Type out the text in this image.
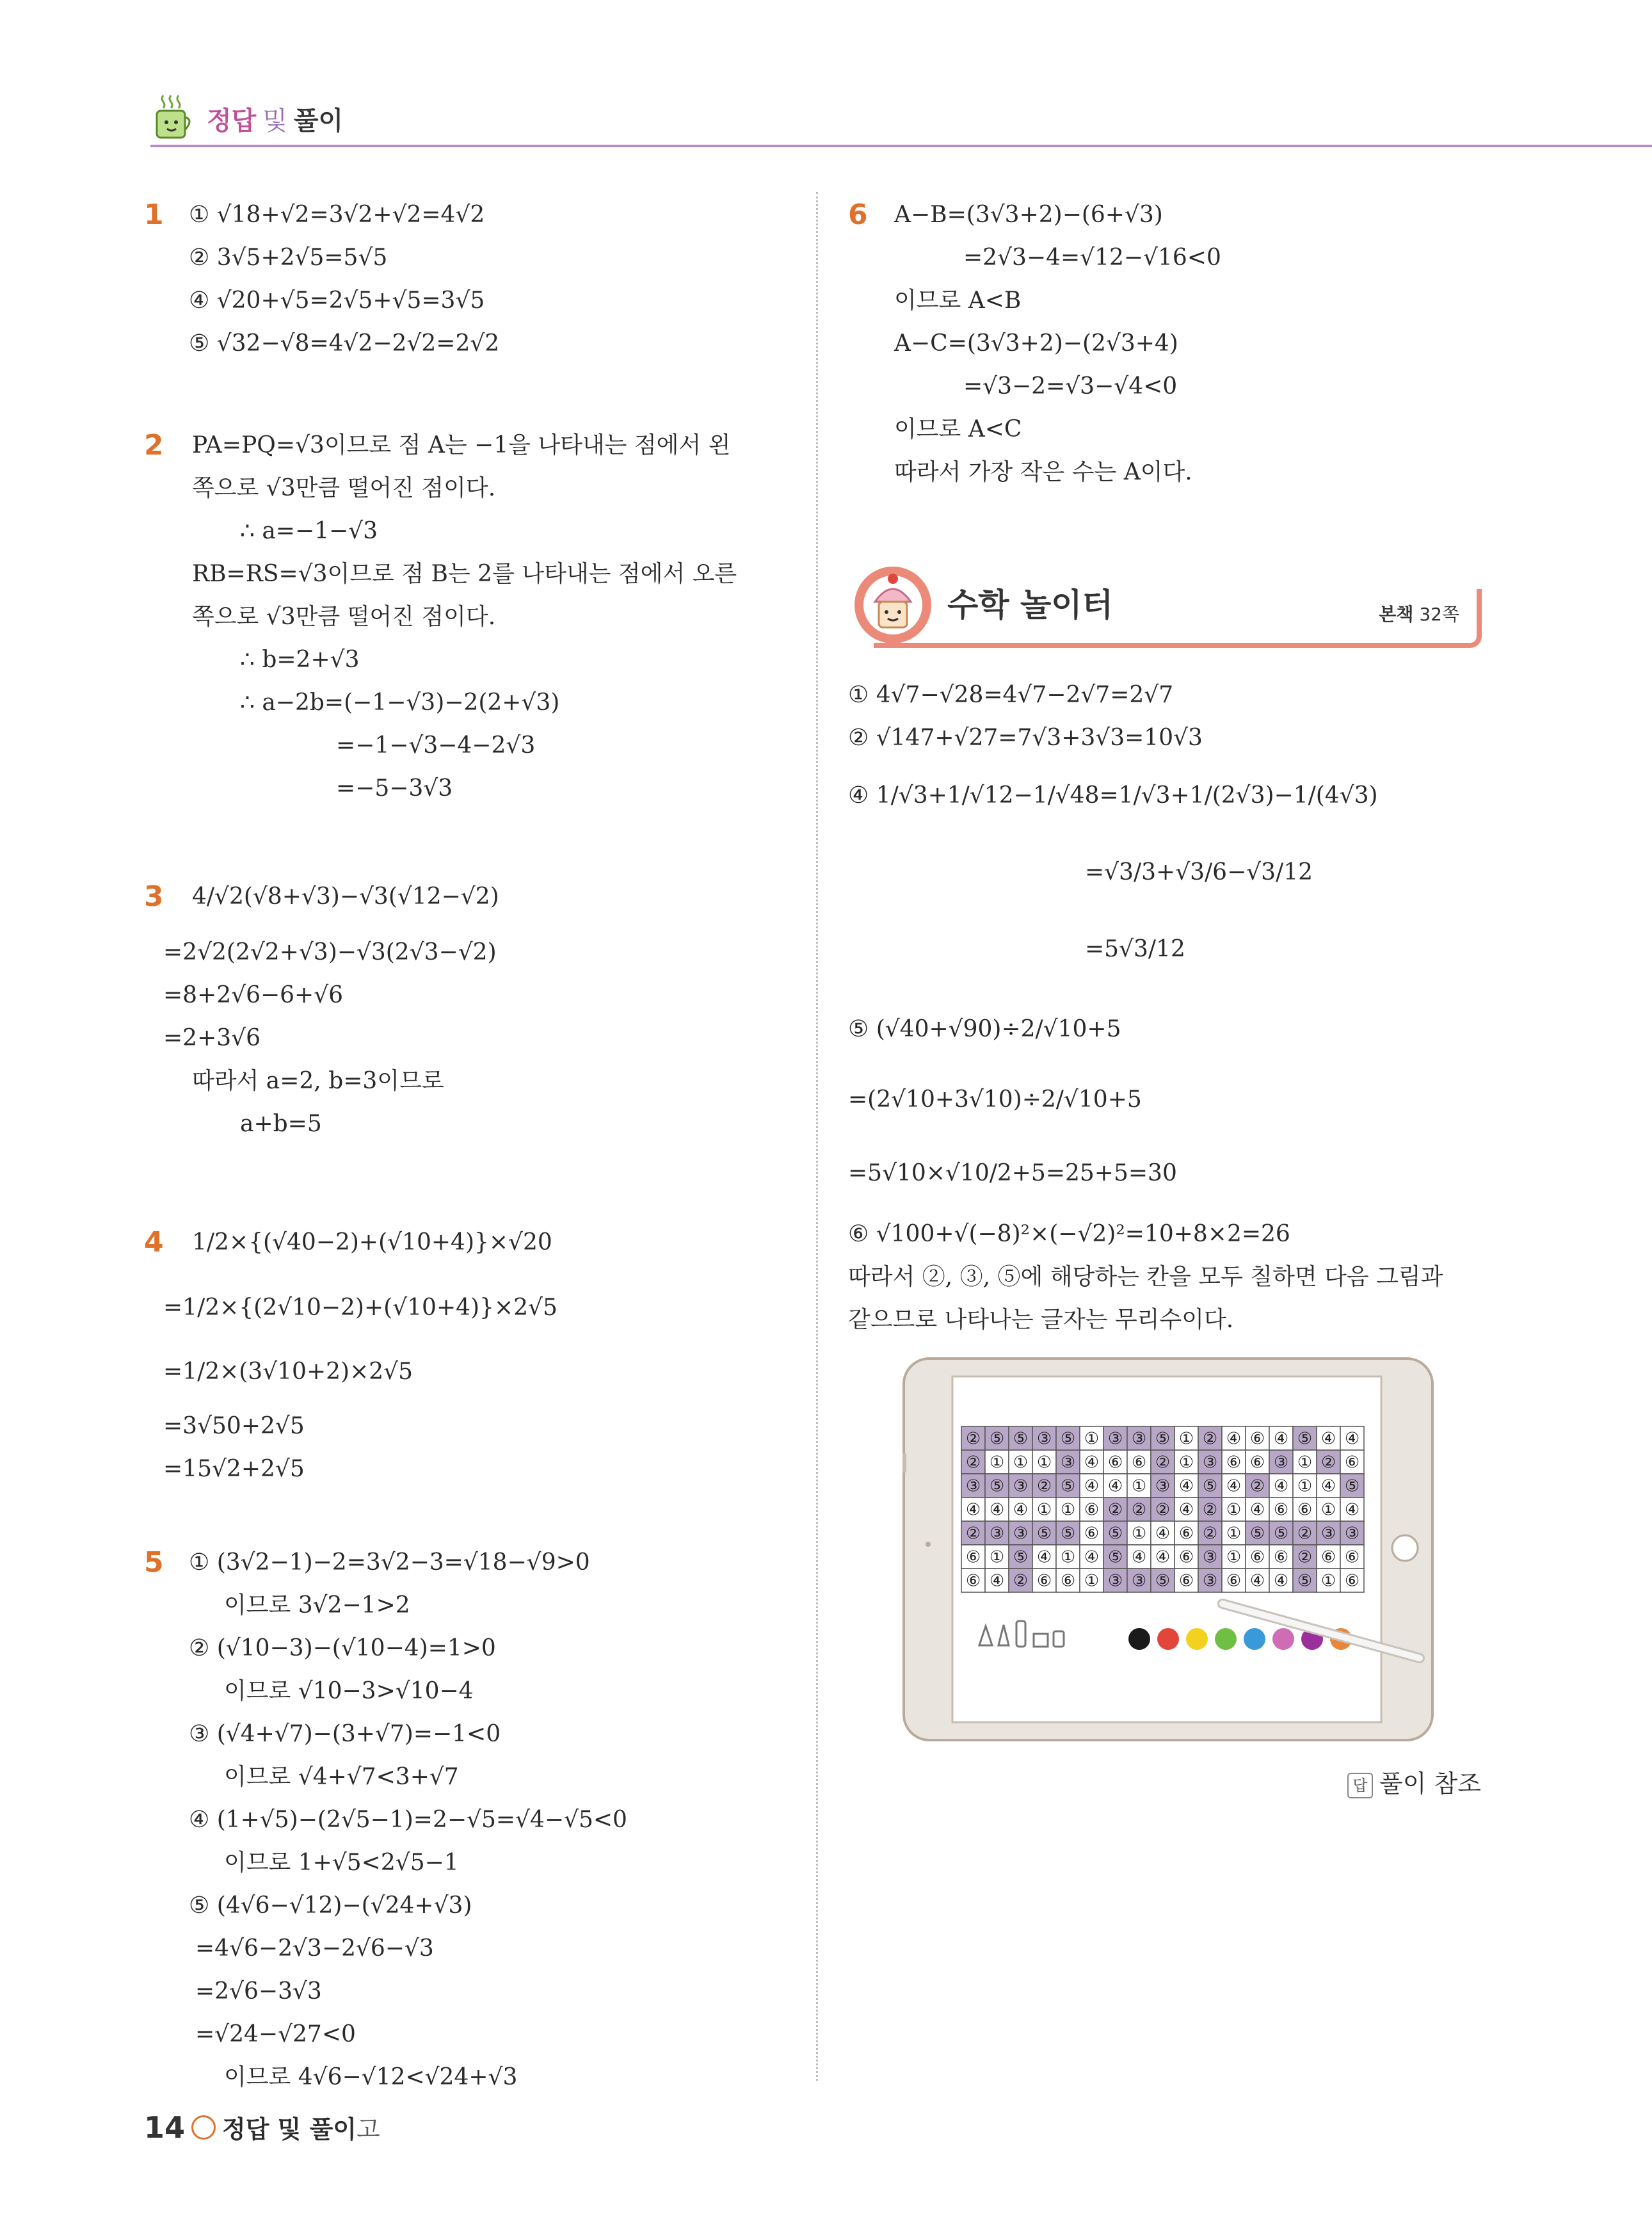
정답 및 풀이
1 ① √18+√2=3√2+√2=4√2
② 3√5+2√5=5√5
④ √20+√5=2√5+√5=3√5
⑤ √32−√8=4√2−2√2=2√2
2 PA=PQ=√3이므로 점 A는 −1을 나타내는 점에서 왼
쪽으로 √3만큼 떨어진 점이다.
∴ a=−1−√3
RB=RS=√3이므로 점 B는 2를 나타내는 점에서 오른
쪽으로 √3만큼 떨어진 점이다.
∴ b=2+√3
∴ a−2b=(−1−√3)−2(2+√3)
=−1−√3−4−2√3
=−5−3√3
3 4/√2(√8+√3)−√3(√12−√2)
=2√2(2√2+√3)−√3(2√3−√2)
=8+2√6−6+√6
=2+3√6
따라서 a=2, b=3이므로
a+b=5
4 1/2×{(√40−2)+(√10+4)}×√20
=1/2×{(2√10−2)+(√10+4)}×2√5
=1/2×(3√10+2)×2√5
=3√50+2√5
=15√2+2√5
5 ① (3√2−1)−2=3√2−3=√18−√9>0
이므로 3√2−1>2
② (√10−3)−(√10−4)=1>0
이므로 √10−3>√10−4
③ (√4+√7)−(3+√7)=−1<0
이므로 √4+√7<3+√7
④ (1+√5)−(2√5−1)=2−√5=√4−√5<0
이므로 1+√5<2√5−1
⑤ (4√6−√12)−(√24+√3)
=4√6−2√3−2√6−√3
=2√6−3√3
=√24−√27<0
이므로 4√6−√12<√24+√3
6 A−B=(3√3+2)−(6+√3)
=2√3−4=√12−√16<0
이므로 A<B
A−C=(3√3+2)−(2√3+4)
=√3−2=√3−√4<0
이므로 A<C
따라서 가장 작은 수는 A이다.
수학 놀이터	본책 32쪽
① 4√7−√28=4√7−2√7=2√7
② √147+√27=7√3+3√3=10√3
④ 1/√3+1/√12−1/√48=1/√3+1/(2√3)−1/(4√3)
=√3/3+√3/6−√3/12
=5√3/12
⑤ (√40+√90)÷2/√10+5
=(2√10+3√10)÷2/√10+5
=5√10×√10/2+5=25+5=30
⑥ √100+√(−8)²×(−√2)²=10+8×2=26
따라서 ②, ③, ⑤에 해당하는 칸을 모두 칠하면 다음 그림과
같으므로 나타나는 글자는 무리수이다.
② ⑤ ⑤ ③ ⑤ ① ③ ③ ⑤ ① ② ④ ⑥ ④ ⑤ ④ ④
② ① ① ① ③ ④ ⑥ ⑥ ② ① ③ ⑥ ⑥ ③ ① ② ⑥
③ ⑤ ③ ② ⑤ ④ ④ ① ③ ④ ⑤ ④ ② ④ ① ④ ⑤
④ ④ ④ ① ① ⑥ ② ② ② ④ ② ① ④ ⑥ ⑥ ① ④
② ③ ③ ⑤ ⑤ ⑥ ⑤ ① ④ ⑥ ② ① ⑤ ⑤ ② ③ ③
⑥ ① ⑤ ④ ① ④ ⑤ ④ ④ ⑥ ③ ① ⑥ ⑥ ② ⑥ ⑥
⑥ ④ ② ⑥ ⑥ ① ③ ③ ⑤ ⑥ ③ ⑥ ④ ④ ⑤ ① ⑥
답 풀이 참조
14 정답 및 풀이 고
